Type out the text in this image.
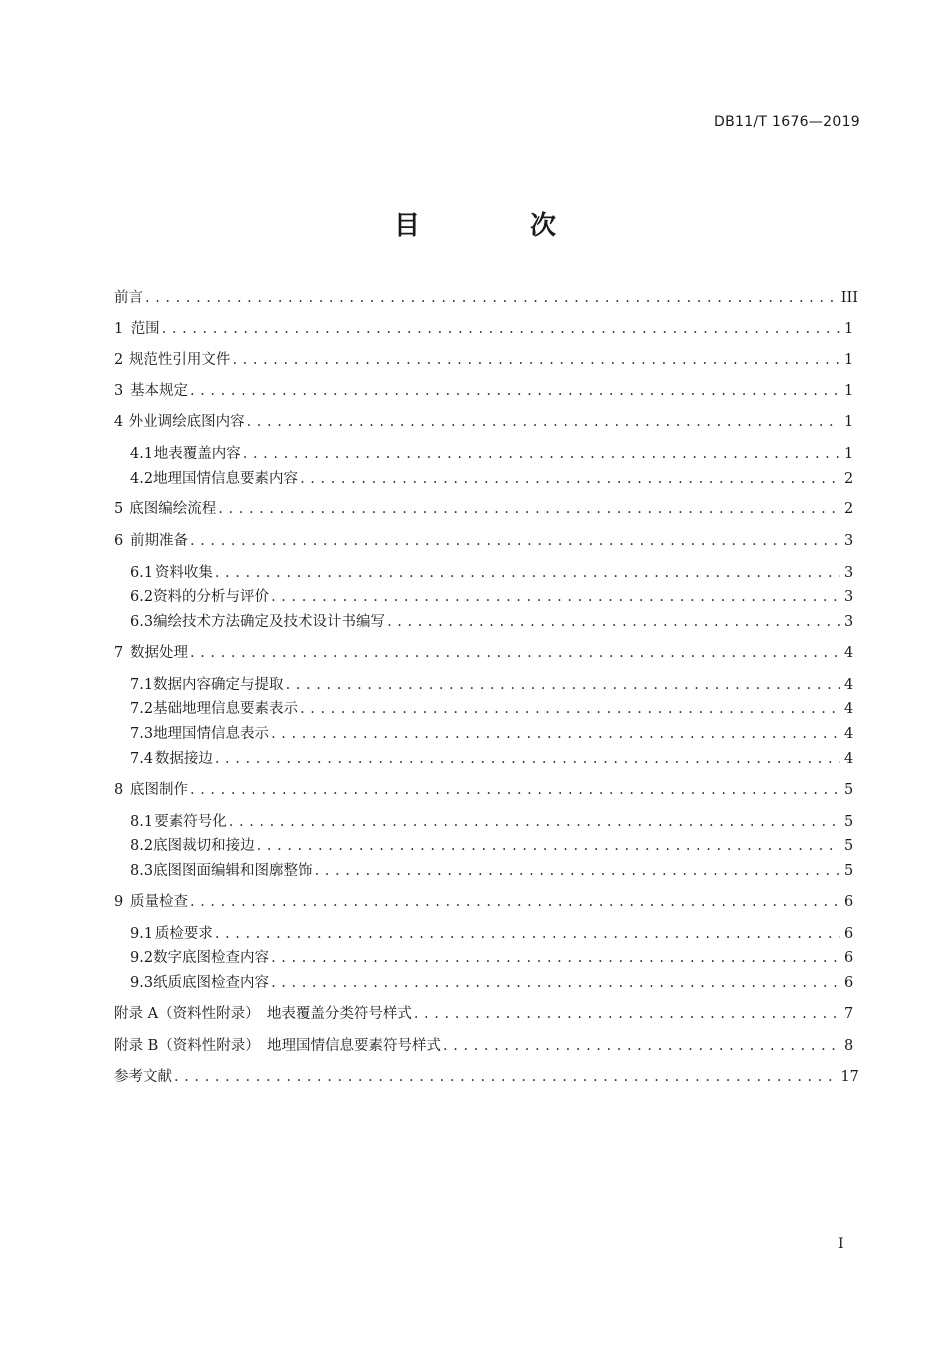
DB11/T 1676—2019
目　次
前言 . . .	III
1 范围 . . .	1
2 规范性引用文件 . . .	1
3 基本规定 . . .	1
4 外业调绘底图内容 . . .	1
4.1 地表覆盖内容 . . .	1
4.2 地理国情信息要素内容 . . .	2
5 底图编绘流程 . . .	2
6 前期准备 . . .	3
6.1 资料收集 . . .	3
6.2 资料的分析与评价 . . .	3
6.3 编绘技术方法确定及技术设计书编写 . . .	3
7 数据处理 . . .	4
7.1 数据内容确定与提取 . . .	4
7.2 基础地理信息要素表示 . . .	4
7.3 地理国情信息表示 . . .	4
7.4 数据接边 . . .	4
8 底图制作 . . .	5
8.1 要素符号化 . . .	5
8.2 底图裁切和接边 . . .	5
8.3 底图图面编辑和图廓整饰 . . .	5
9 质量检查 . . .	6
9.1 质检要求 . . .	6
9.2 数字底图检查内容 . . .	6
9.3 纸质底图检查内容 . . .	6
附录 A（资料性附录）　地表覆盖分类符号样式 . . .	7
附录 B（资料性附录）　地理国情信息要素符号样式 . . .	8
参考文献 . . .	17
I
